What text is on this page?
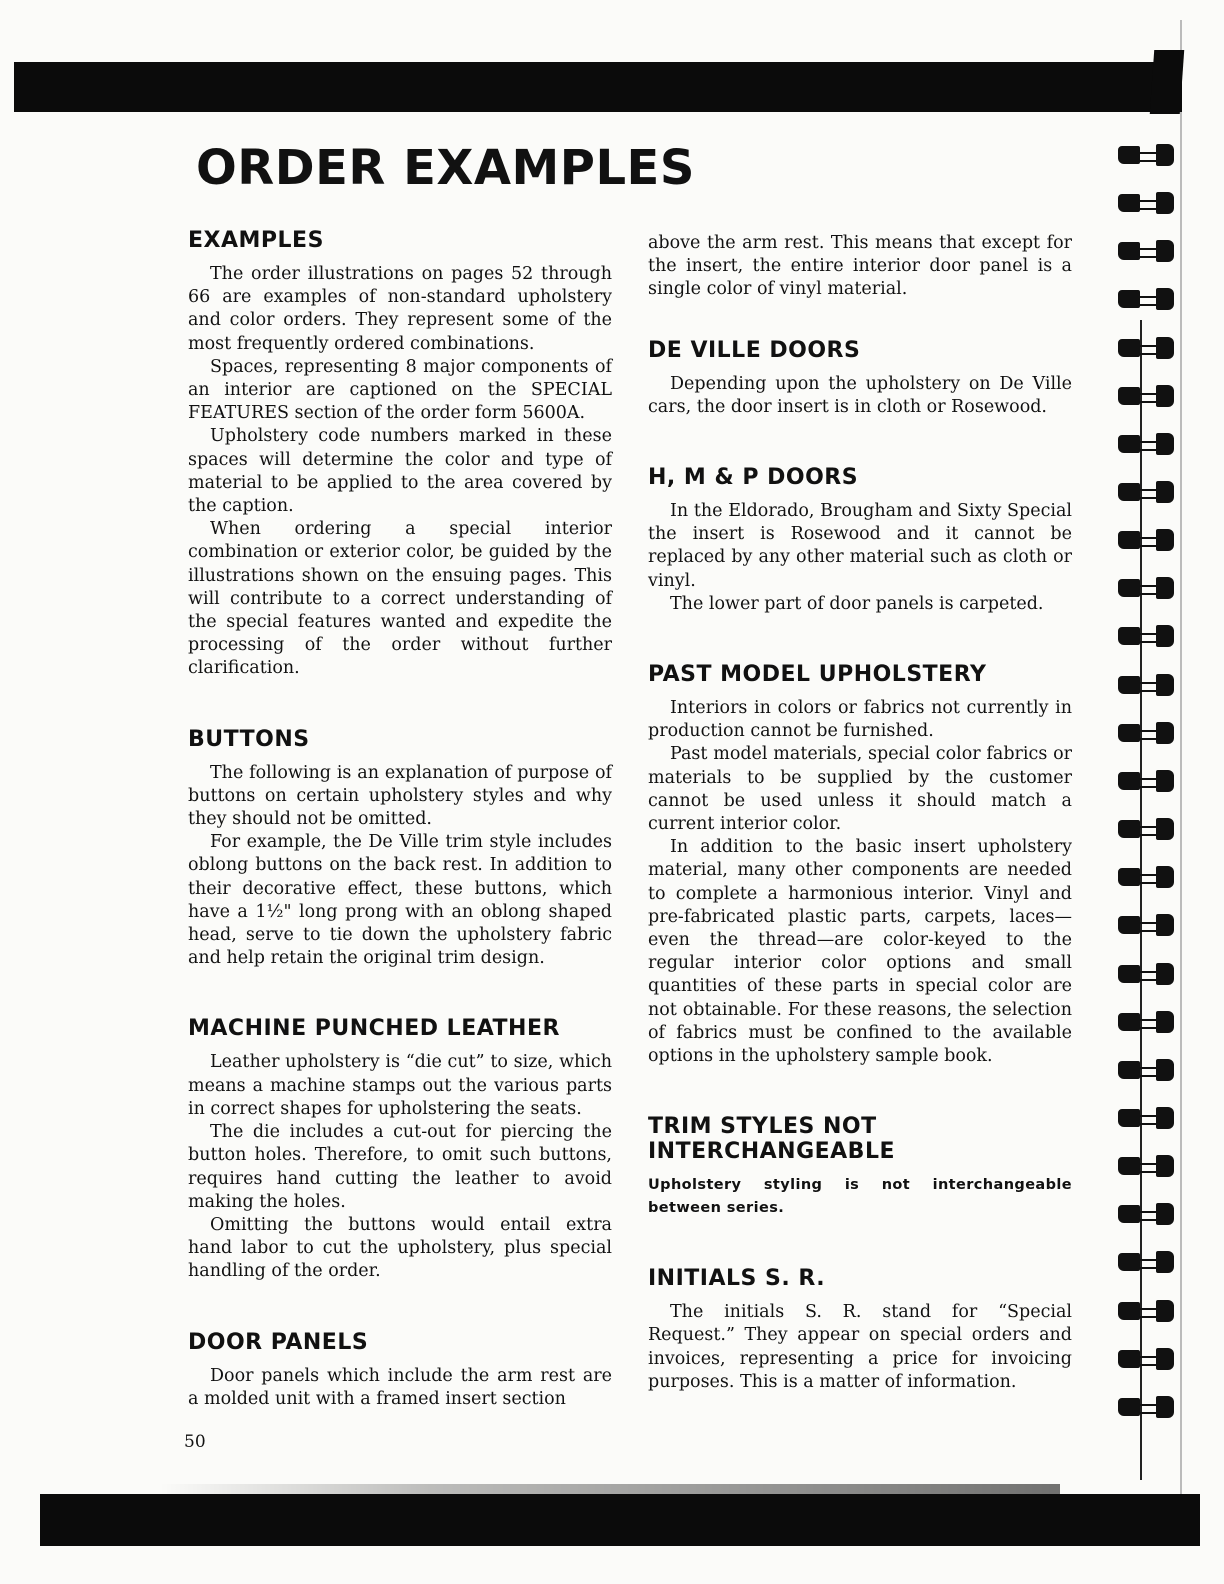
ORDER EXAMPLES
EXAMPLES

The order illustrations on pages 52 through 66 are examples of non-standard upholstery and color orders. They represent some of the most frequently ordered combinations.

Spaces, representing 8 major components of an interior are captioned on the SPECIAL FEATURES section of the order form 5600A.

Upholstery code numbers marked in these spaces will determine the color and type of material to be applied to the area covered by the caption.

When ordering a special interior combination or exterior color, be guided by the illustrations shown on the ensuing pages. This will contribute to a correct understanding of the special features wanted and expedite the processing of the order without further clarification.

BUTTONS

The following is an explanation of purpose of buttons on certain upholstery styles and why they should not be omitted.

For example, the De Ville trim style includes oblong buttons on the back rest. In addition to their decorative effect, these buttons, which have a 1½" long prong with an oblong shaped head, serve to tie down the upholstery fabric and help retain the original trim design.

MACHINE PUNCHED LEATHER

Leather upholstery is “die cut” to size, which means a machine stamps out the various parts in correct shapes for upholstering the seats.

The die includes a cut-out for piercing the button holes. Therefore, to omit such buttons, requires hand cutting the leather to avoid making the holes.

Omitting the buttons would entail extra hand labor to cut the upholstery, plus special handling of the order.

DOOR PANELS

Door panels which include the arm rest are a molded unit with a framed insert section

above the arm rest. This means that except for the insert, the entire interior door panel is a single color of vinyl material.

DE VILLE DOORS

Depending upon the upholstery on De Ville cars, the door insert is in cloth or Rosewood.

H, M & P DOORS

In the Eldorado, Brougham and Sixty Special the insert is Rosewood and it cannot be replaced by any other material such as cloth or vinyl.

The lower part of door panels is carpeted.

PAST MODEL UPHOLSTERY

Interiors in colors or fabrics not currently in production cannot be furnished.

Past model materials, special color fabrics or materials to be supplied by the customer cannot be used unless it should match a current interior color.

In addition to the basic insert upholstery material, many other components are needed to complete a harmonious interior. Vinyl and pre-fabricated plastic parts, carpets, laces—even the thread—are color-keyed to the regular interior color options and small quantities of these parts in special color are not obtainable. For these reasons, the selection of fabrics must be confined to the available options in the upholstery sample book.

TRIM STYLES NOT
INTERCHANGEABLE

Upholstery styling is not interchangeable between series.

INITIALS S. R.

The initials S. R. stand for “Special Request.” They appear on special orders and invoices, representing a price for invoicing purposes. This is a matter of information.

50
